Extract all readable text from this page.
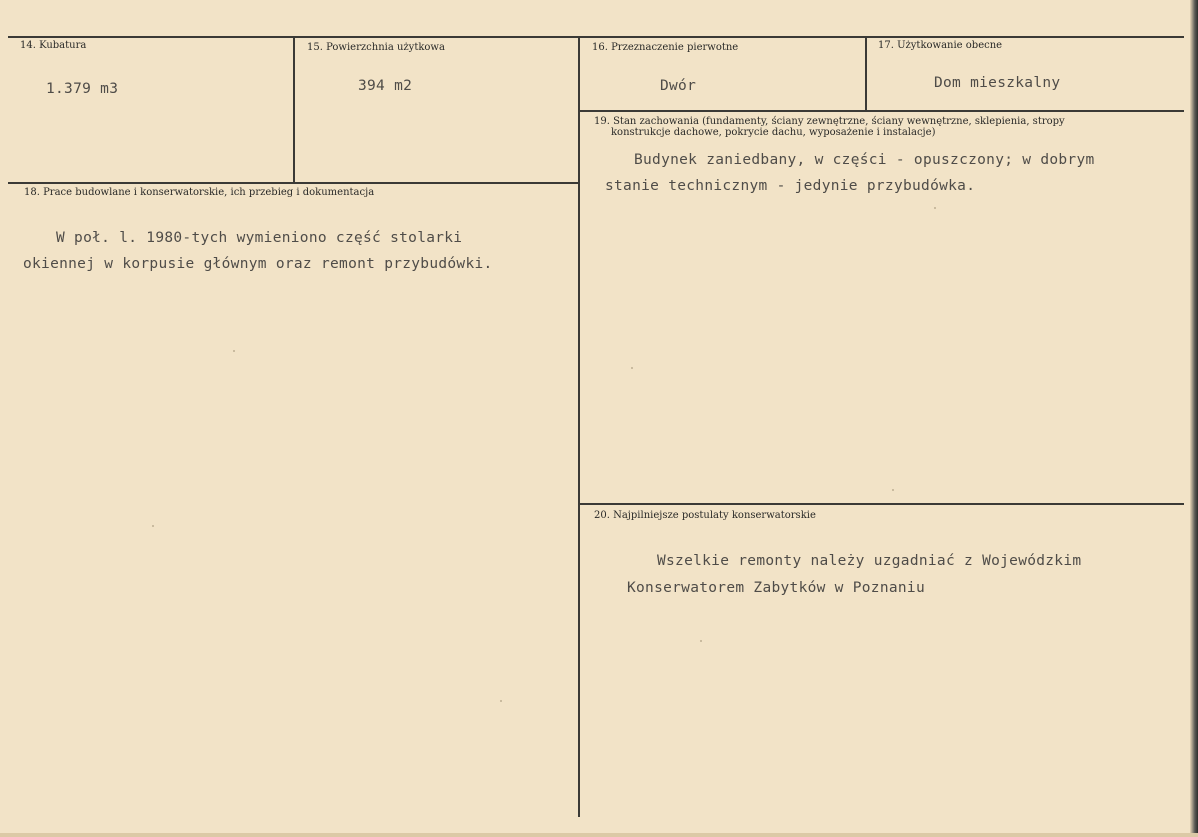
14. Kubatura
1.379 m3
15. Powierzchnia użytkowa
394 m2
16. Przeznaczenie pierwotne
Dwór
17. Użytkowanie obecne
Dom mieszkalny
18. Prace budowlane i konserwatorskie, ich przebieg i dokumentacja
W poł. l. 1980-tych wymieniono część stolarki
okiennej w korpusie głównym oraz remont przybudówki.
19. Stan zachowania (fundamenty, ściany zewnętrzne, ściany wewnętrzne, sklepienia, stropy
konstrukcje dachowe, pokrycie dachu, wyposażenie i instalacje)
Budynek zaniedbany, w części - opuszczony; w dobrym
stanie technicznym - jedynie przybudówka.
20. Najpilniejsze postulaty konserwatorskie
Wszelkie remonty należy uzgadniać z Wojewódzkim
Konserwatorem Zabytków w Poznaniu
